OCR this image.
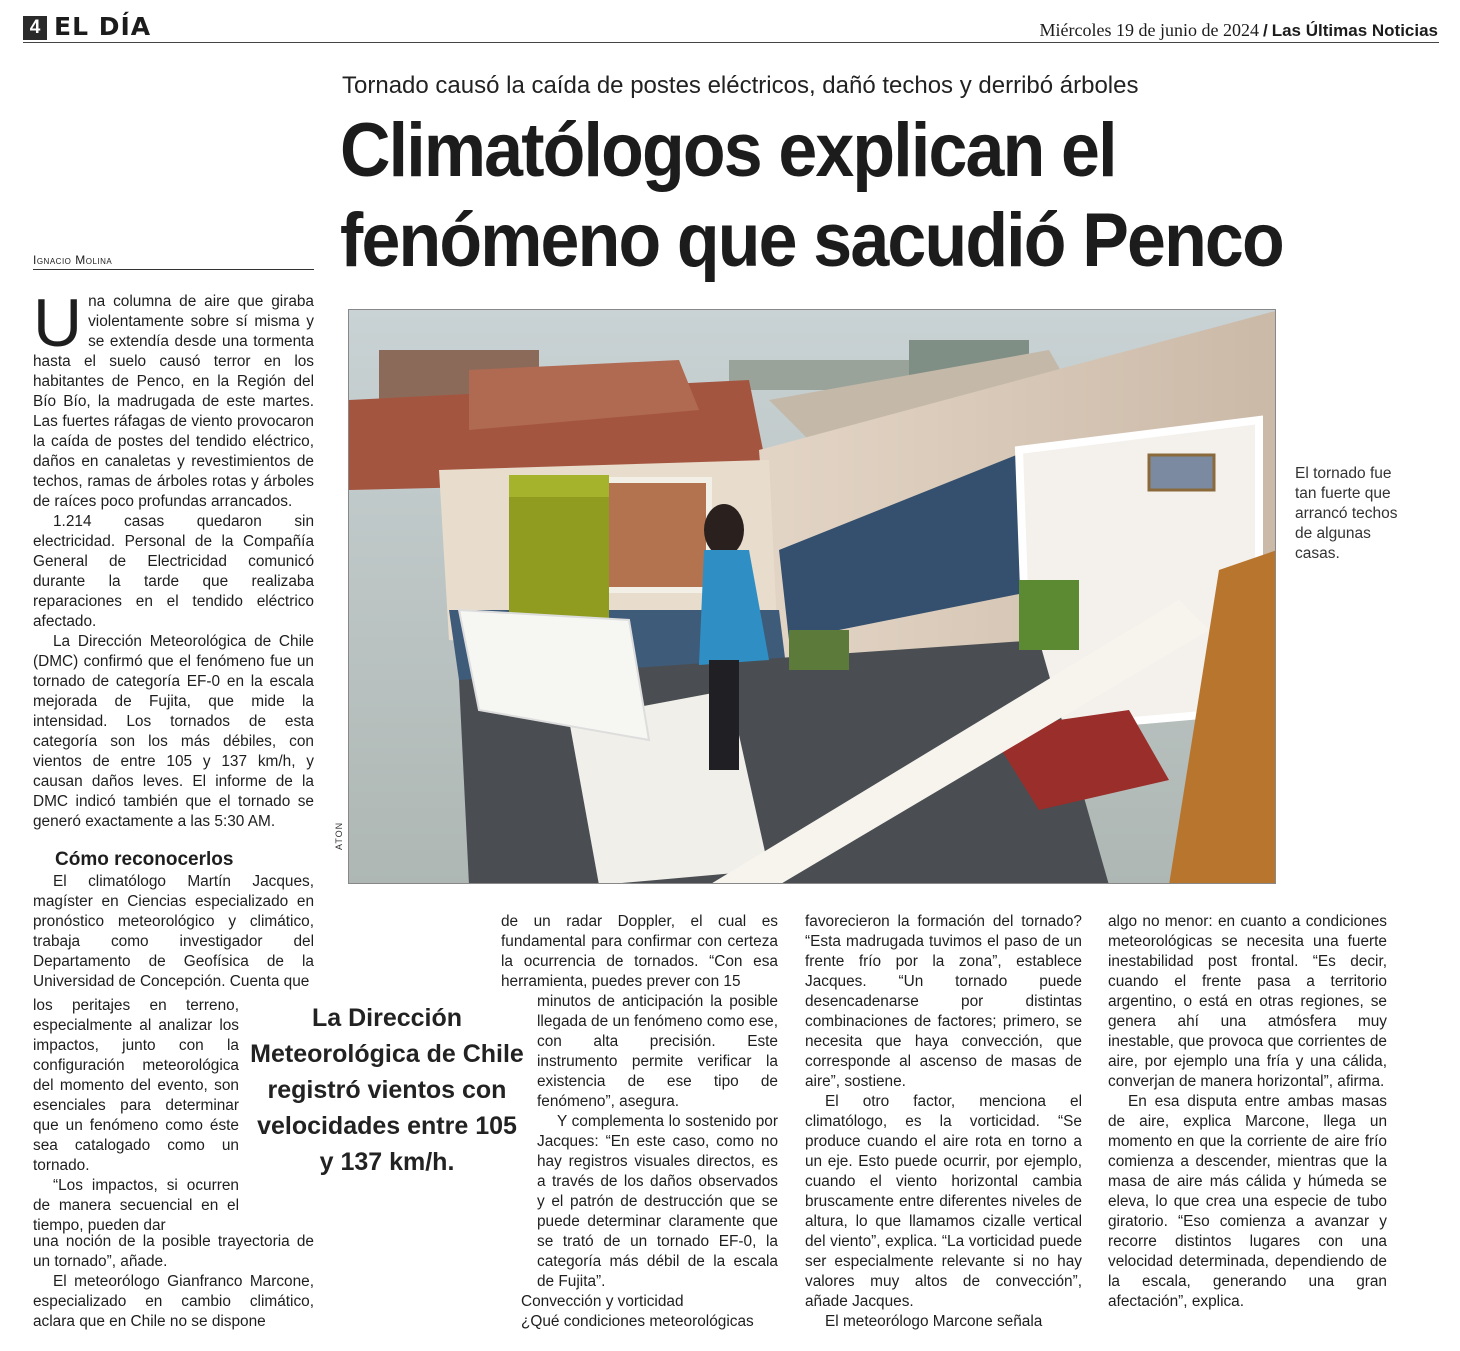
4 EL DÍA	Miércoles 19 de junio de 2024 / Las Últimas Noticias
Tornado causó la caída de postes eléctricos, dañó techos y derribó árboles
Climatólogos explican el
fenómeno que sacudió Penco
Ignacio Molina

Una columna de aire que giraba violentamente sobre sí misma y se extendía desde una tormenta hasta el suelo causó terror en los habitantes de Penco, en la Región del Bío Bío, la madrugada de este martes. Las fuertes ráfagas de viento provocaron la caída de postes del tendido eléctrico, daños en canaletas y revestimientos de techos, ramas de árboles rotas y árboles de raíces poco profundas arrancados.

1.214 casas quedaron sin electricidad. Personal de la Compañía General de Electricidad comunicó durante la tarde que realizaba reparaciones en el tendido eléctrico afectado.

La Dirección Meteorológica de Chile (DMC) confirmó que el fenómeno fue un tornado de categoría EF-0 en la escala mejorada de Fujita, que mide la intensidad. Los tornados de esta categoría son los más débiles, con vientos de entre 105 y 137 km/h, y causan daños leves. El informe de la DMC indicó también que el tornado se generó exactamente a las 5:30 AM.

Cómo reconocerlos

El climatólogo Martín Jacques, magíster en Ciencias especializado en pronóstico meteorológico y climático, trabaja como investigador del Departamento de Geofísica de la Universidad de Concepción. Cuenta que

los peritajes en terreno, especialmente al analizar los impactos, junto con la configuración meteorológica del momento del evento, son esenciales para determinar que un fenómeno como éste sea catalogado como un tornado.

“Los impactos, si ocurren de manera secuencial en el tiempo, pueden dar

una noción de la posible trayectoria de un tornado”, añade.

El meteorólogo Gianfranco Marcone, especializado en cambio climático, aclara que en Chile no se dispone

La Dirección Meteorológica de Chile registró vientos con velocidades entre 105 y 137 km/h.

de un radar Doppler, el cual es fundamental para confirmar con certeza la ocurrencia de tornados. “Con esa herramienta, puedes prever con 15

minutos de anticipación la posible llegada de un fenómeno como ese, con alta precisión. Este instrumento permite verificar la existencia de ese tipo de fenómeno”, asegura.

Y complementa lo sostenido por Jacques: “En este caso, como no hay registros visuales directos, es a través de los daños observados y el patrón de destrucción que se puede determinar claramente que se trató de un tornado EF-0, la categoría más débil de la escala de Fujita”.

Convección y vorticidad

¿Qué condiciones meteorológicas

favorecieron la formación del tornado? “Esta madrugada tuvimos el paso de un frente frío por la zona”, establece Jacques. “Un tornado puede desencadenarse por distintas combinaciones de factores; primero, se necesita que haya convección, que corresponde al ascenso de masas de aire”, sostiene.

El otro factor, menciona el climatólogo, es la vorticidad. “Se produce cuando el aire rota en torno a un eje. Esto puede ocurrir, por ejemplo, cuando el viento horizontal cambia bruscamente entre diferentes niveles de altura, lo que llamamos cizalle vertical del viento”, explica. “La vorticidad puede ser especialmente relevante si no hay valores muy altos de convección”, añade Jacques.

El meteorólogo Marcone señala

algo no menor: en cuanto a condiciones meteorológicas se necesita una fuerte inestabilidad post frontal. “Es decir, cuando el frente pasa a territorio argentino, o está en otras regiones, se genera ahí una atmósfera muy inestable, que provoca que corrientes de aire, por ejemplo una fría y una cálida, converjan de manera horizontal”, afirma.

En esa disputa entre ambas masas de aire, explica Marcone, llega un momento en que la corriente de aire frío comienza a descender, mientras que la masa de aire más cálida y húmeda se eleva, lo que crea una especie de tubo giratorio. “Eso comienza a avanzar y recorre distintos lugares con una velocidad determinada, dependiendo de la escala, generando una gran afectación”, explica.

ATON
El tornado fue tan fuerte que arrancó techos de algunas casas.
